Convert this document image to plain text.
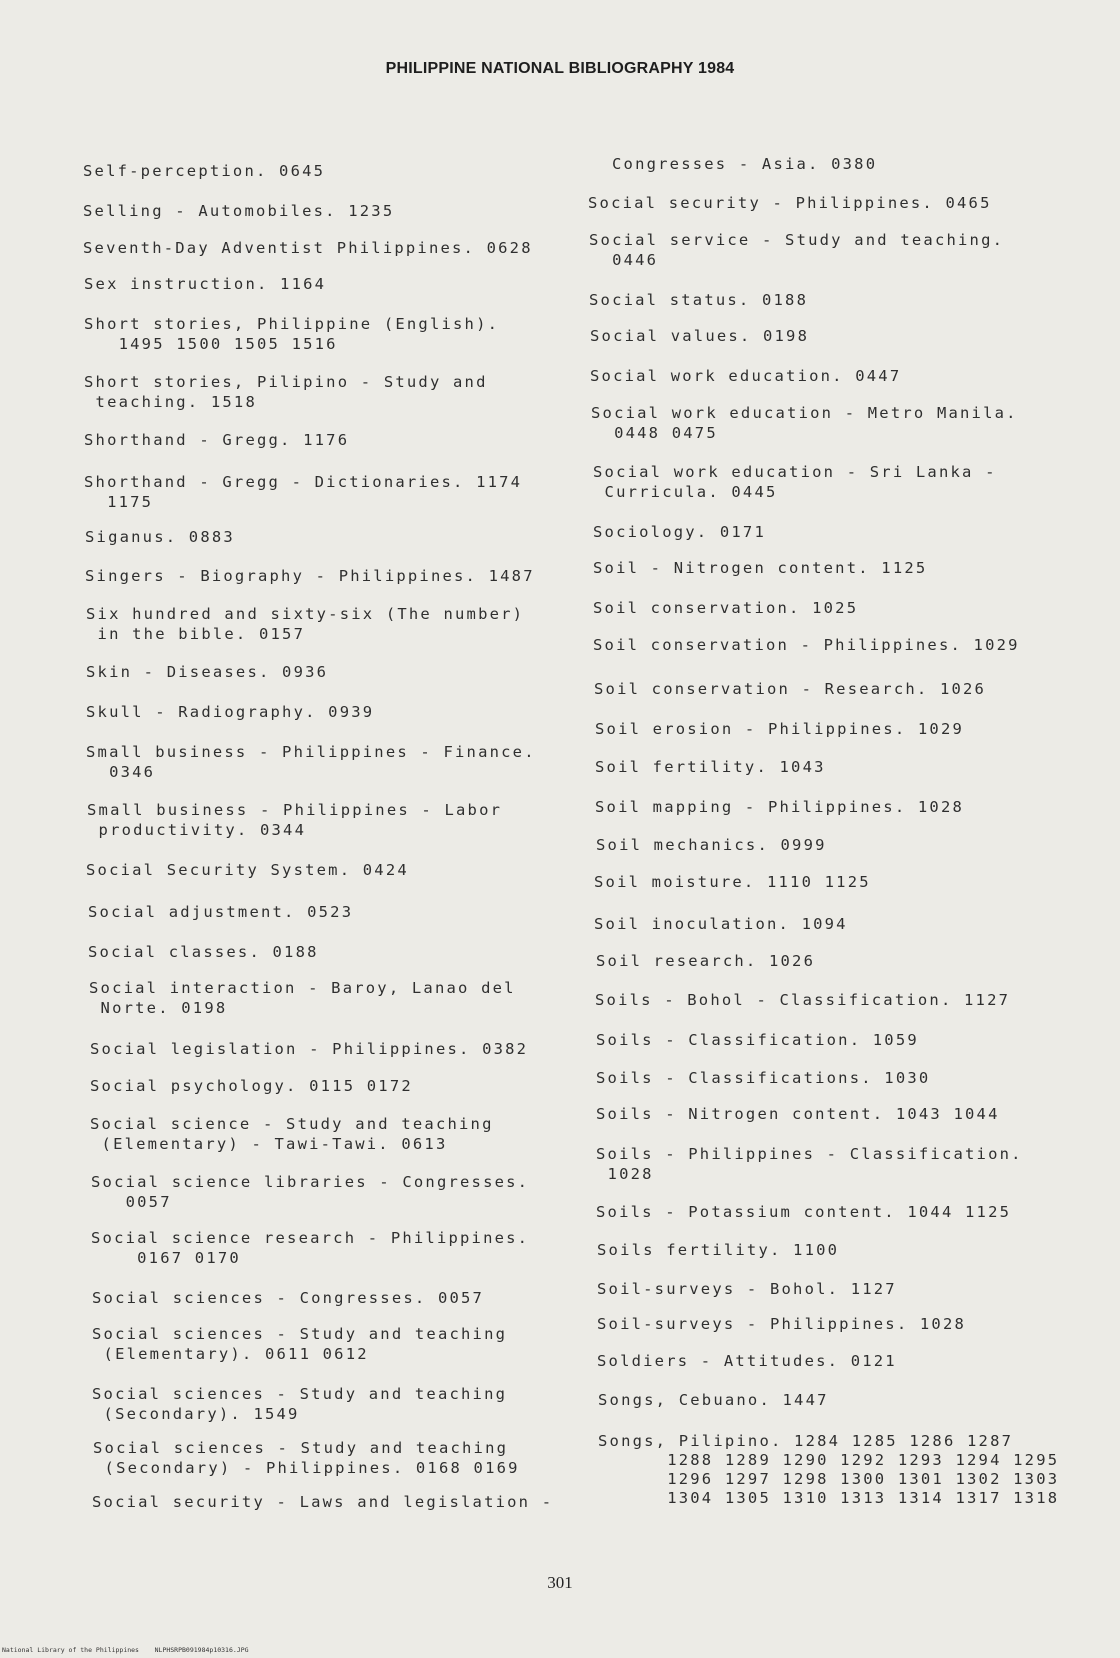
PHILIPPINE NATIONAL BIBLIOGRAPHY 1984
Self-perception. 0645
Selling - Automobiles. 1235
Seventh-Day Adventist Philippines. 0628
Sex instruction. 1164
Short stories, Philippine (English).
1495 1500 1505 1516
Short stories, Pilipino - Study and
teaching. 1518
Shorthand - Gregg. 1176
Shorthand - Gregg - Dictionaries. 1174
1175
Siganus. 0883
Singers - Biography - Philippines. 1487
Six hundred and sixty-six (The number)
in the bible. 0157
Skin - Diseases. 0936
Skull - Radiography. 0939
Small business - Philippines - Finance.
0346
Small business - Philippines - Labor
productivity. 0344
Social Security System. 0424
Social adjustment. 0523
Social classes. 0188
Social interaction - Baroy, Lanao del
Norte. 0198
Social legislation - Philippines. 0382
Social psychology. 0115 0172
Social science - Study and teaching
(Elementary) - Tawi-Tawi. 0613
Social science libraries - Congresses.
0057
Social science research - Philippines.
0167 0170
Social sciences - Congresses. 0057
Social sciences - Study and teaching
(Elementary). 0611 0612
Social sciences - Study and teaching
(Secondary). 1549
Social sciences - Study and teaching
(Secondary) - Philippines. 0168 0169
Social security - Laws and legislation -
Congresses - Asia. 0380
Social security - Philippines. 0465
Social service - Study and teaching.
0446
Social status. 0188
Social values. 0198
Social work education. 0447
Social work education - Metro Manila.
0448 0475
Social work education - Sri Lanka -
Curricula. 0445
Sociology. 0171
Soil - Nitrogen content. 1125
Soil conservation. 1025
Soil conservation - Philippines. 1029
Soil conservation - Research. 1026
Soil erosion - Philippines. 1029
Soil fertility. 1043
Soil mapping - Philippines. 1028
Soil mechanics. 0999
Soil moisture. 1110 1125
Soil inoculation. 1094
Soil research. 1026
Soils - Bohol - Classification. 1127
Soils - Classification. 1059
Soils - Classifications. 1030
Soils - Nitrogen content. 1043 1044
Soils - Philippines - Classification.
1028
Soils - Potassium content. 1044 1125
Soils fertility. 1100
Soil-surveys - Bohol. 1127
Soil-surveys - Philippines. 1028
Soldiers - Attitudes. 0121
Songs, Cebuano. 1447
Songs, Pilipino. 1284 1285 1286 1287
1288 1289 1290 1292 1293 1294 1295
1296 1297 1298 1300 1301 1302 1303
1304 1305 1310 1313 1314 1317 1318
301
National Library of the Philippines    NLPHSRPB091984p10316.JPG
